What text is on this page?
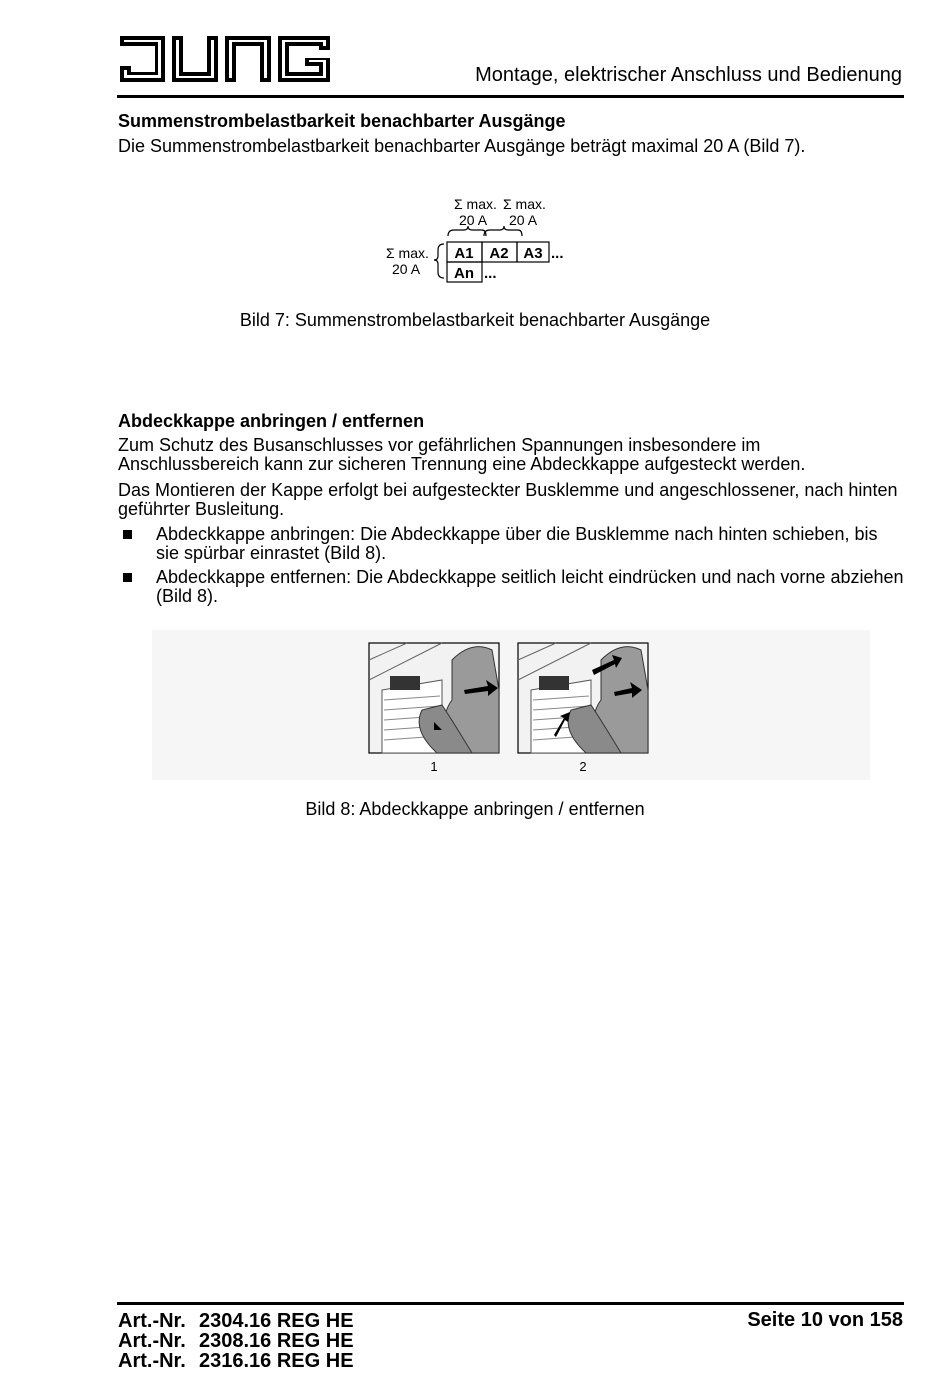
Montage, elektrischer Anschluss und Bedienung
Summenstrombelastbarkeit benachbarter Ausgänge
Die Summenstrombelastbarkeit benachbarter Ausgänge beträgt maximal 20 A (Bild 7).
Σ max.
20 A
Σ max.
20 A
Σ max.
20 A
A1 A2 A3
An
...
...
Bild 7: Summenstrombelastbarkeit benachbarter Ausgänge
Abdeckkappe anbringen / entfernen
Zum Schutz des Busanschlusses vor gefährlichen Spannungen insbesondere im Anschlussbereich kann zur sicheren Trennung eine Abdeckkappe aufgesteckt werden.
Das Montieren der Kappe erfolgt bei aufgesteckter Busklemme und angeschlossener, nach hinten geführter Busleitung.
Abdeckkappe anbringen: Die Abdeckkappe über die Busklemme nach hinten schieben, bis sie spürbar einrastet (Bild 8).
Abdeckkappe entfernen: Die Abdeckkappe seitlich leicht eindrücken und nach vorne abziehen (Bild 8).
1	2
Bild 8: Abdeckkappe anbringen / entfernen
Art.-Nr. 2304.16 REG HE
Art.-Nr. 2308.16 REG HE
Art.-Nr. 2316.16 REG HE
Seite 10 von 158
